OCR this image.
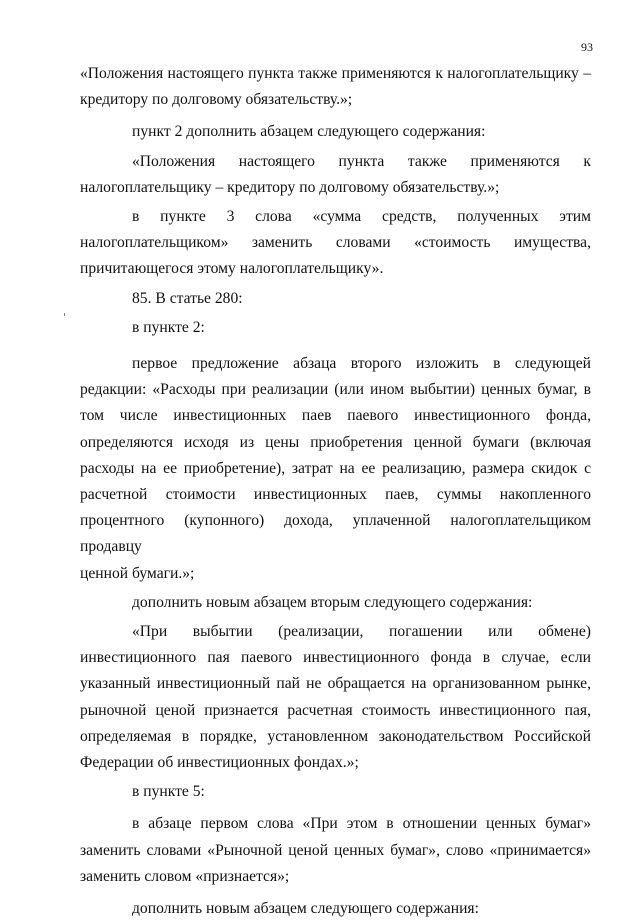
93
«Положения настоящего пункта также применяются к налогоплательщику –
кредитору по долговому обязательству.»;
пункт 2 дополнить абзацем следующего содержания:
«Положения настоящего пункта также применяются к
налогоплательщику – кредитору по долговому обязательству.»;
в пункте 3 слова «сумма средств, полученных этим
налогоплательщиком» заменить словами «стоимость имущества,
причитающегося этому налогоплательщику».
85. В статье 280:
в пункте 2:
первое предложение абзаца второго изложить в следующей
редакции: «Расходы при реализации (или ином выбытии) ценных бумаг, в
том числе инвестиционных паев паевого инвестиционного фонда,
определяются исходя из цены приобретения ценной бумаги (включая
расходы на ее приобретение), затрат на ее реализацию, размера скидок с
расчетной стоимости инвестиционных паев, суммы накопленного
процентного (купонного) дохода, уплаченной налогоплательщиком продавцу
ценной бумаги.»;
дополнить новым абзацем вторым следующего содержания:
«При выбытии (реализации, погашении или обмене)
инвестиционного пая паевого инвестиционного фонда в случае, если
указанный инвестиционный пай не обращается на организованном рынке,
рыночной ценой признается расчетная стоимость инвестиционного пая,
определяемая в порядке, установленном законодательством Российской
Федерации об инвестиционных фондах.»;
в пункте 5:
в абзаце первом слова «При этом в отношении ценных бумаг»
заменить словами «Рыночной ценой ценных бумаг», слово «принимается»
заменить словом «признается»;
дополнить новым абзацем следующего содержания:
